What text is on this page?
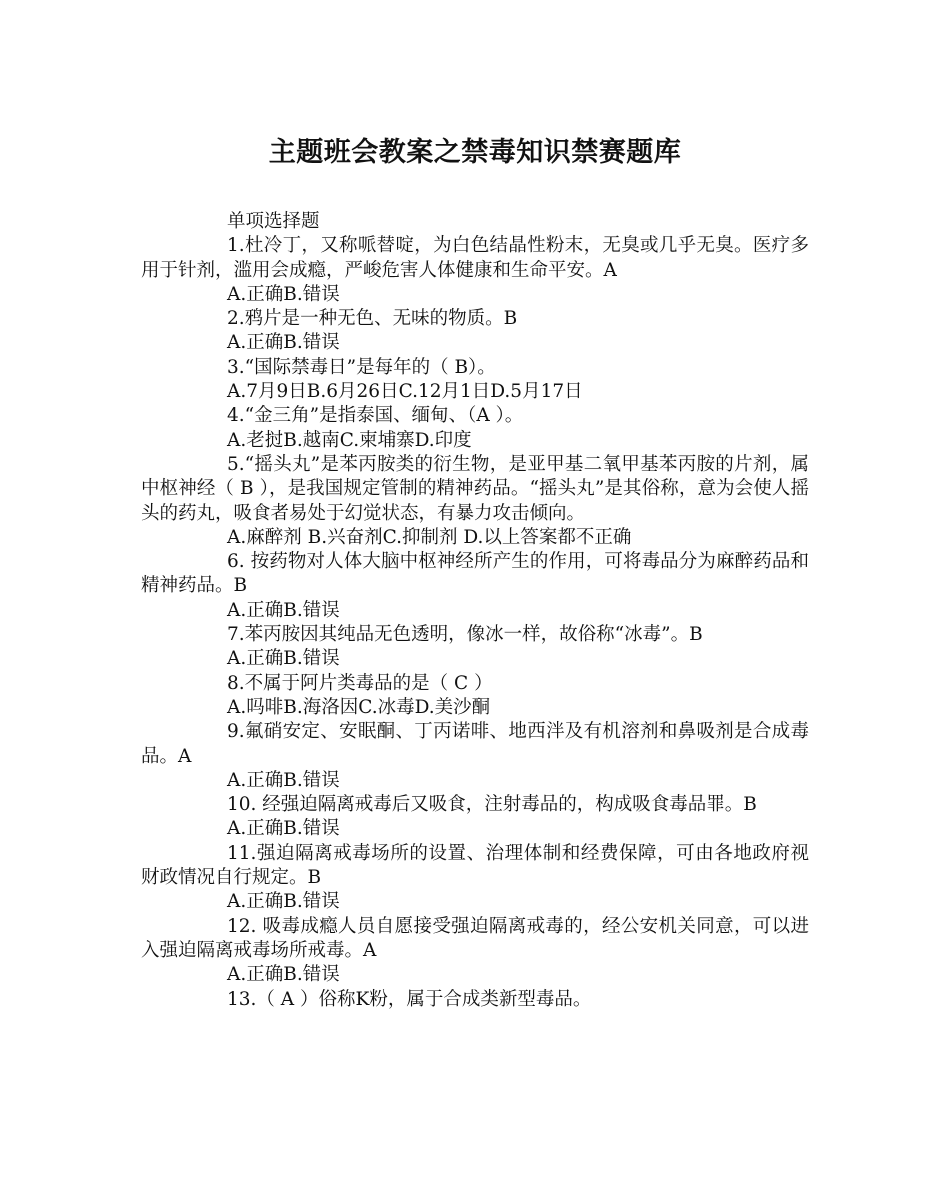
主题班会教案之禁毒知识禁赛题库

单项选择题

1.杜冷丁，又称哌替啶，为白色结晶性粉末，无臭或几乎无臭。医疗多用于针剂，滥用会成瘾，严峻危害人体健康和生命平安。A

A.正确B.错误

2.鸦片是一种无色、无味的物质。B

A.正确B.错误

3.“国际禁毒日”是每年的（ B）。

A.7月9日B.6月26日C.12月1日D.5月17日

4.“金三角”是指泰国、缅甸、（A ）。

A.老挝B.越南C.柬埔寨D.印度

5.“摇头丸”是苯丙胺类的衍生物，是亚甲基二氧甲基苯丙胺的片剂，属中枢神经（ B ），是我国规定管制的精神药品。“摇头丸”是其俗称，意为会使人摇头的药丸，吸食者易处于幻觉状态，有暴力攻击倾向。

A.麻醉剂 B.兴奋剂C.抑制剂 D.以上答案都不正确

6. 按药物对人体大脑中枢神经所产生的作用，可将毒品分为麻醉药品和精神药品。B

A.正确B.错误

7.苯丙胺因其纯品无色透明，像冰一样，故俗称“冰毒”。B

A.正确B.错误

8.不属于阿片类毒品的是（ C ）

A.吗啡B.海洛因C.冰毒D.美沙酮

9.氟硝安定、安眠酮、丁丙诺啡、地西泮及有机溶剂和鼻吸剂是合成毒品。A

A.正确B.错误

10. 经强迫隔离戒毒后又吸食，注射毒品的，构成吸食毒品罪。B

A.正确B.错误

11.强迫隔离戒毒场所的设置、治理体制和经费保障，可由各地政府视财政情况自行规定。B

A.正确B.错误

12. 吸毒成瘾人员自愿接受强迫隔离戒毒的，经公安机关同意，可以进入强迫隔离戒毒场所戒毒。A

A.正确B.错误

13.（ A ）俗称K粉，属于合成类新型毒品。
